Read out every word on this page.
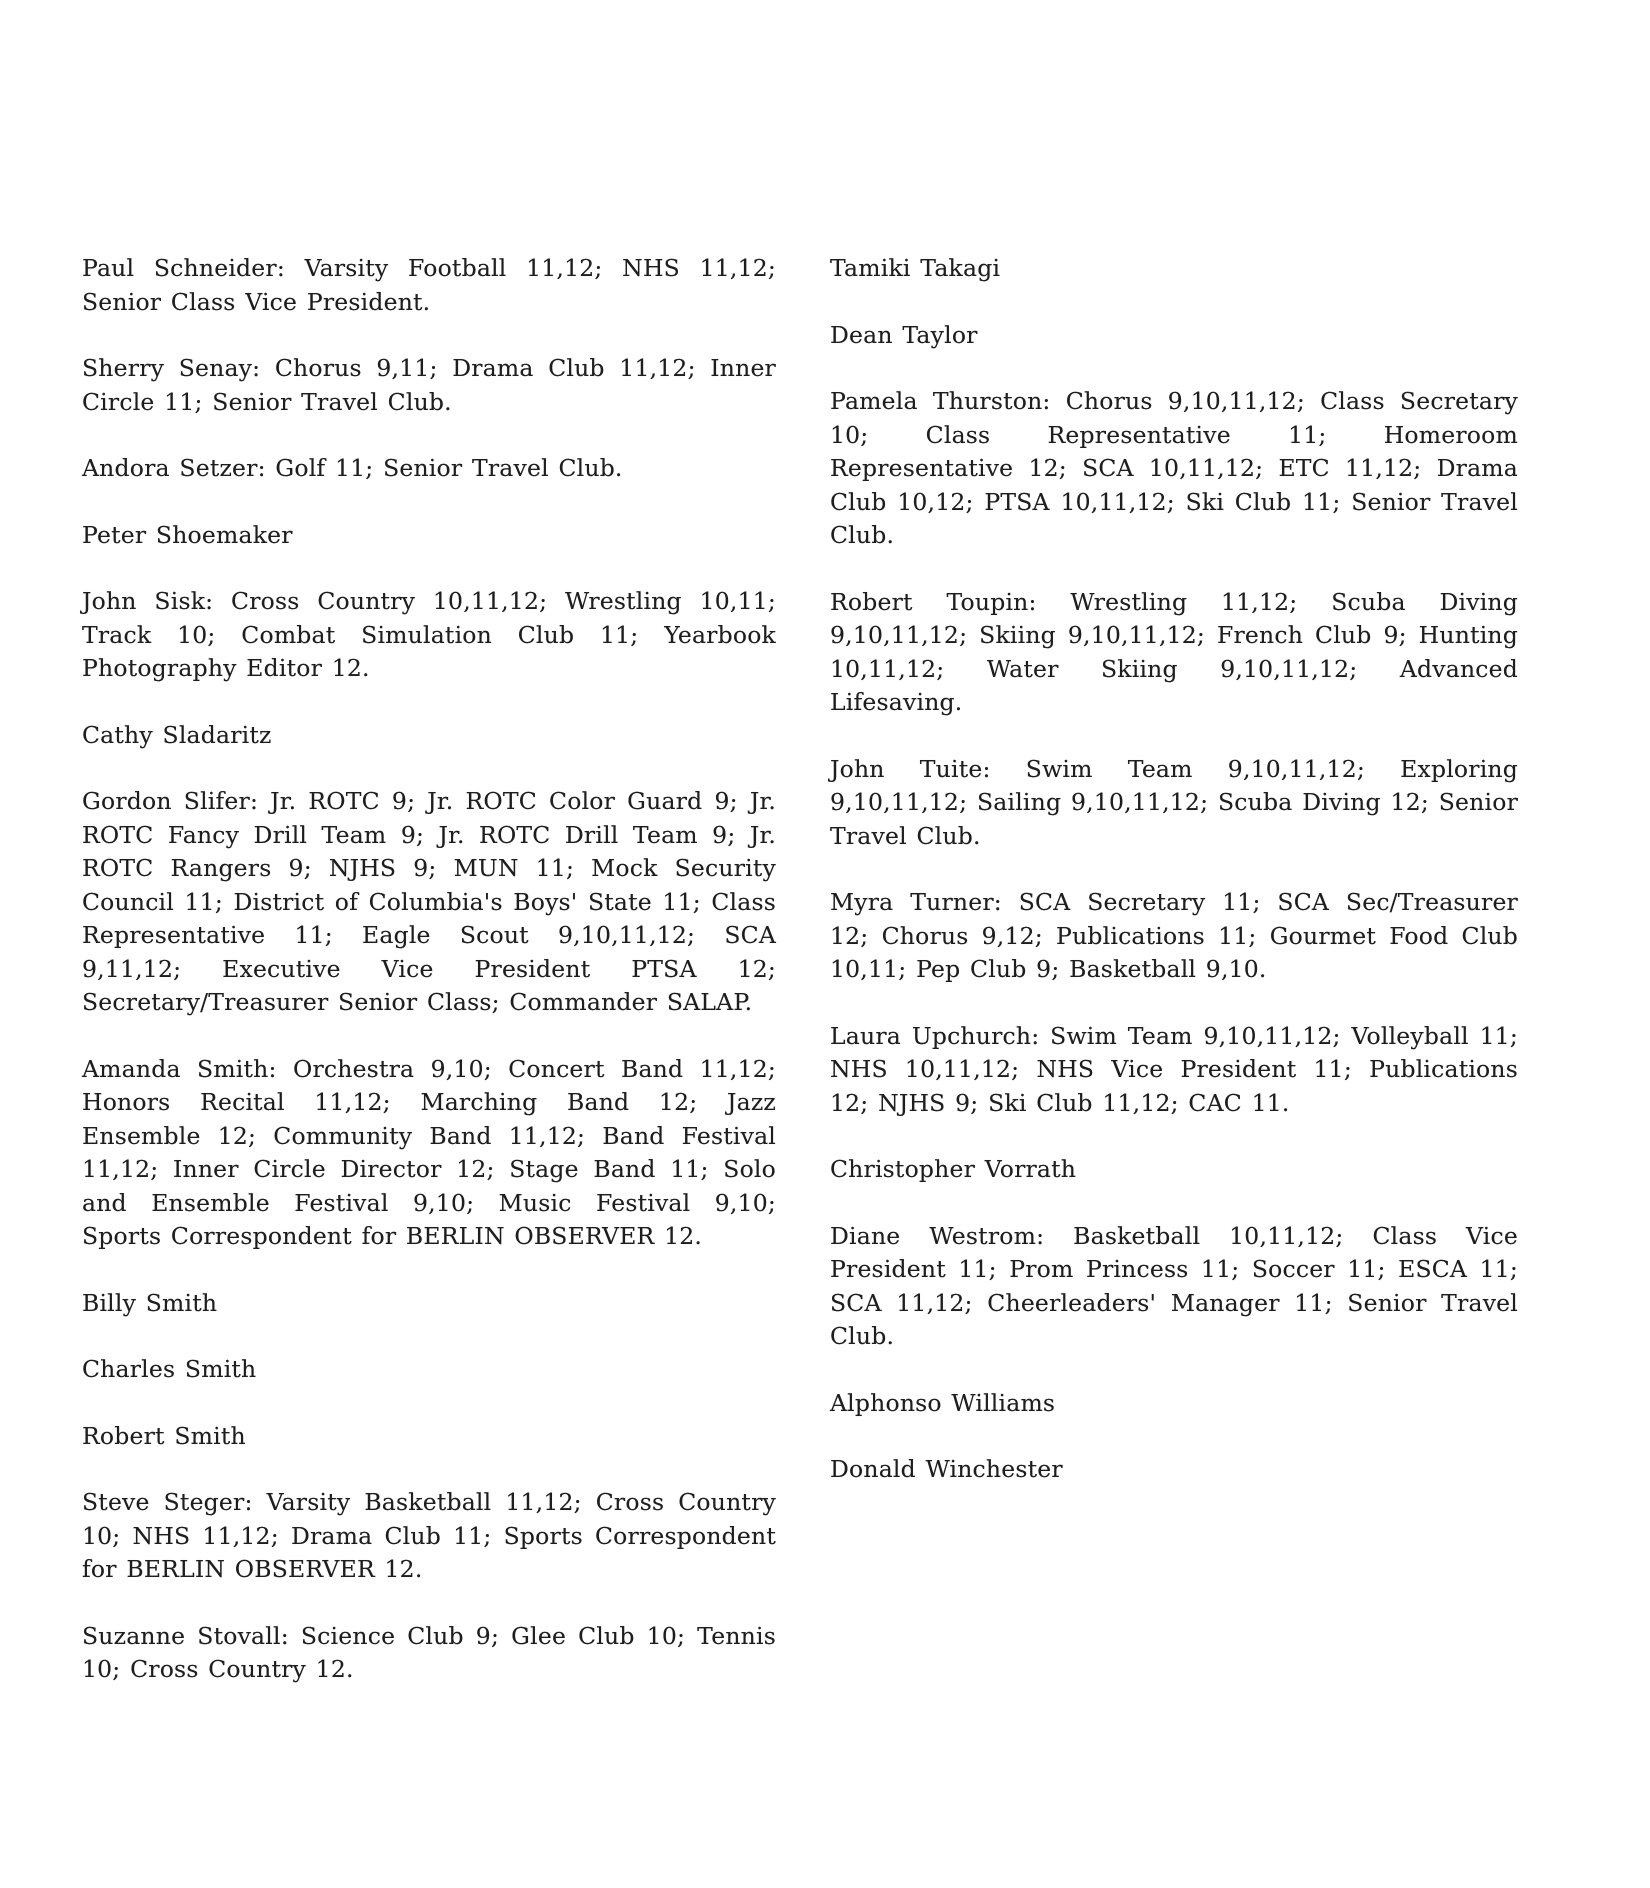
Paul Schneider: Varsity Football 11,12; NHS 11,12; Senior Class Vice President.

Sherry Senay: Chorus 9,11; Drama Club 11,12; Inner Circle 11; Senior Travel Club.

Andora Setzer: Golf 11; Senior Travel Club.

Peter Shoemaker

John Sisk: Cross Country 10,11,12; Wrestling 10,11; Track 10; Combat Simulation Club 11; Yearbook Photography Editor 12.

Cathy Sladaritz

Gordon Slifer: Jr. ROTC 9; Jr. ROTC Color Guard 9; Jr. ROTC Fancy Drill Team 9; Jr. ROTC Drill Team 9; Jr. ROTC Rangers 9; NJHS 9; MUN 11; Mock Security Council 11; District of Columbia's Boys' State 11; Class Representative 11; Eagle Scout 9,10,11,12; SCA 9,11,12; Executive Vice President PTSA 12; Secretary/Treasurer Senior Class; Commander SALAP.

Amanda Smith: Orchestra 9,10; Concert Band 11,12; Honors Recital 11,12; Marching Band 12; Jazz Ensemble 12; Community Band 11,12; Band Festival 11,12; Inner Circle Director 12; Stage Band 11; Solo and Ensemble Festival 9,10; Music Festival 9,10; Sports Correspondent for BERLIN OBSERVER 12.

Billy Smith

Charles Smith

Robert Smith

Steve Steger: Varsity Basketball 11,12; Cross Country 10; NHS 11,12; Drama Club 11; Sports Correspondent for BERLIN OBSERVER 12.

Suzanne Stovall: Science Club 9; Glee Club 10; Tennis 10; Cross Country 12.

Tamiki Takagi

Dean Taylor

Pamela Thurston: Chorus 9,10,11,12; Class Secretary 10; Class Representative 11; Homeroom Representative 12; SCA 10,11,12; ETC 11,12; Drama Club 10,12; PTSA 10,11,12; Ski Club 11; Senior Travel Club.

Robert Toupin: Wrestling 11,12; Scuba Diving 9,10,11,12; Skiing 9,10,11,12; French Club 9; Hunting 10,11,12; Water Skiing 9,10,11,12; Advanced Lifesaving.

John Tuite: Swim Team 9,10,11,12; Exploring 9,10,11,12; Sailing 9,10,11,12; Scuba Diving 12; Senior Travel Club.

Myra Turner: SCA Secretary 11; SCA Sec/Treasurer 12; Chorus 9,12; Publications 11; Gourmet Food Club 10,11; Pep Club 9; Basketball 9,10.

Laura Upchurch: Swim Team 9,10,11,12; Volleyball 11; NHS 10,11,12; NHS Vice President 11; Publications 12; NJHS 9; Ski Club 11,12; CAC 11.

Christopher Vorrath

Diane Westrom: Basketball 10,11,12; Class Vice President 11; Prom Princess 11; Soccer 11; ESCA 11; SCA 11,12; Cheerleaders' Manager 11; Senior Travel Club.

Alphonso Williams

Donald Winchester
